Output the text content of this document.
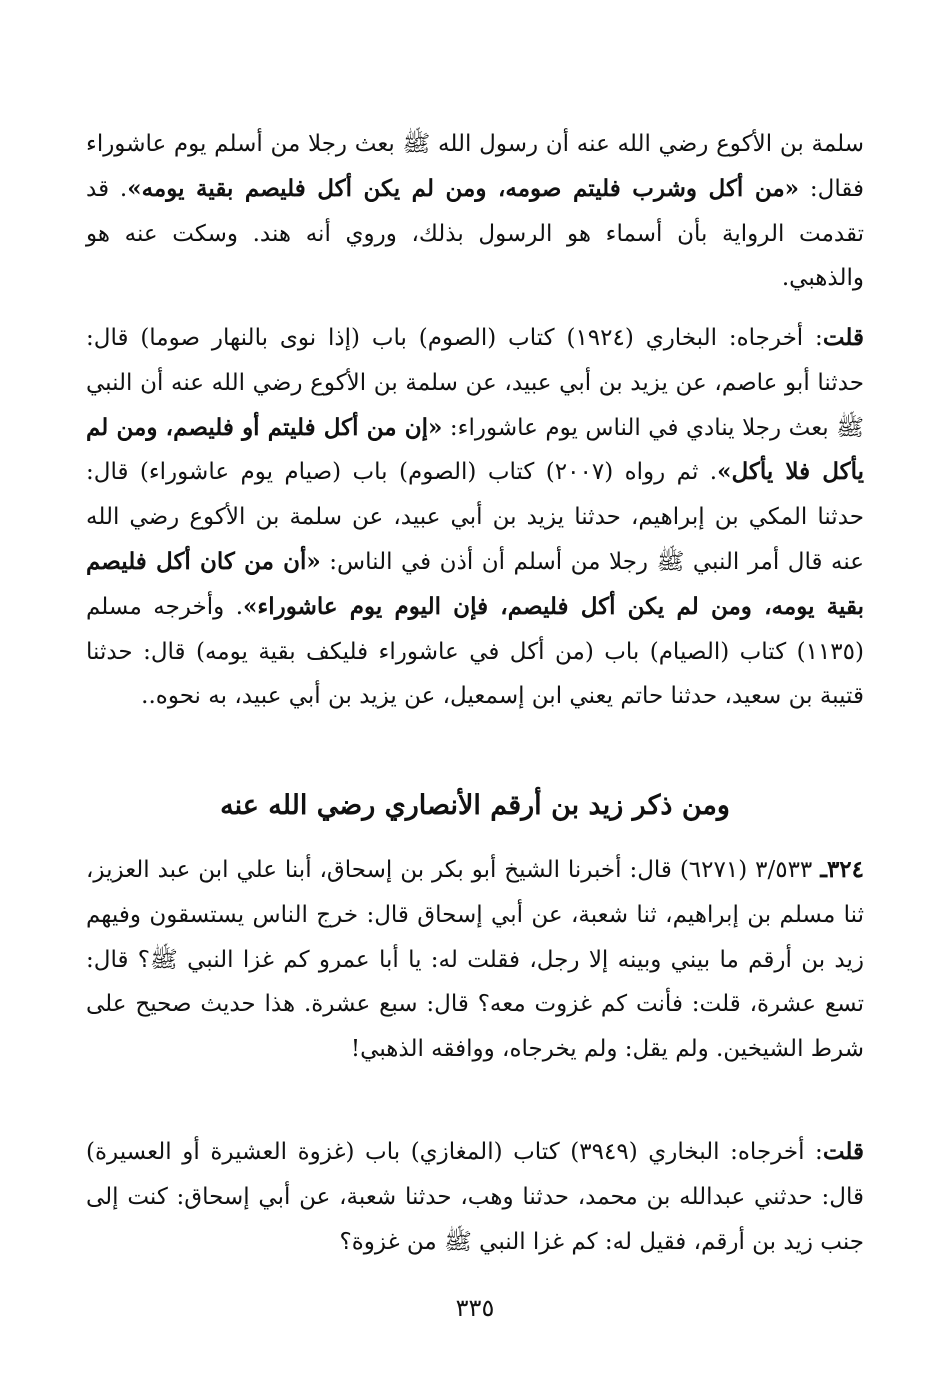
سلمة بن الأكوع رضي الله عنه أن رسول الله ﷺ بعث رجلا من أسلم يوم عاشوراء فقال: «من أكل وشرب فليتم صومه، ومن لم يكن أكل فليصم بقية يومه». قد تقدمت الرواية بأن أسماء هو الرسول بذلك، وروي أنه هند. وسكت عنه هو والذهبي.
قلت: أخرجاه: البخاري (١٩٢٤) كتاب (الصوم) باب (إذا نوى بالنهار صوما) قال: حدثنا أبو عاصم، عن يزيد بن أبي عبيد، عن سلمة بن الأكوع رضي الله عنه أن النبي ﷺ بعث رجلا ينادي في الناس يوم عاشوراء: «إن من أكل فليتم أو فليصم، ومن لم يأكل فلا يأكل». ثم رواه (٢٠٠٧) كتاب (الصوم) باب (صيام يوم عاشوراء) قال: حدثنا المكي بن إبراهيم، حدثنا يزيد بن أبي عبيد، عن سلمة بن الأكوع رضي الله عنه قال أمر النبي ﷺ رجلا من أسلم أن أذن في الناس: «أن من كان أكل فليصم بقية يومه، ومن لم يكن أكل فليصم، فإن اليوم يوم عاشوراء». وأخرجه مسلم (١١٣٥) كتاب (الصيام) باب (من أكل في عاشوراء فليكف بقية يومه) قال: حدثنا قتيبة بن سعيد، حدثنا حاتم يعني ابن إسمعيل، عن يزيد بن أبي عبيد، به نحوه..
ومن ذكر زيد بن أرقم الأنصاري رضي الله عنه
٣٢٤ـ ٣/٥٣٣ (٦٢٧١) قال: أخبرنا الشيخ أبو بكر بن إسحاق، أبنا علي ابن عبد العزيز، ثنا مسلم بن إبراهيم، ثنا شعبة، عن أبي إسحاق قال: خرج الناس يستسقون وفيهم زيد بن أرقم ما بيني وبينه إلا رجل، فقلت له: يا أبا عمرو كم غزا النبي ﷺ؟ قال: تسع عشرة، قلت: فأنت كم غزوت معه؟ قال: سبع عشرة. هذا حديث صحيح على شرط الشيخين. ولم يقل: ولم يخرجاه، ووافقه الذهبي!
قلت: أخرجاه: البخاري (٣٩٤٩) كتاب (المغازي) باب (غزوة العشيرة أو العسيرة) قال: حدثني عبدالله بن محمد، حدثنا وهب، حدثنا شعبة، عن أبي إسحاق: كنت إلى جنب زيد بن أرقم، فقيل له: كم غزا النبي ﷺ من غزوة؟
٣٣٥
